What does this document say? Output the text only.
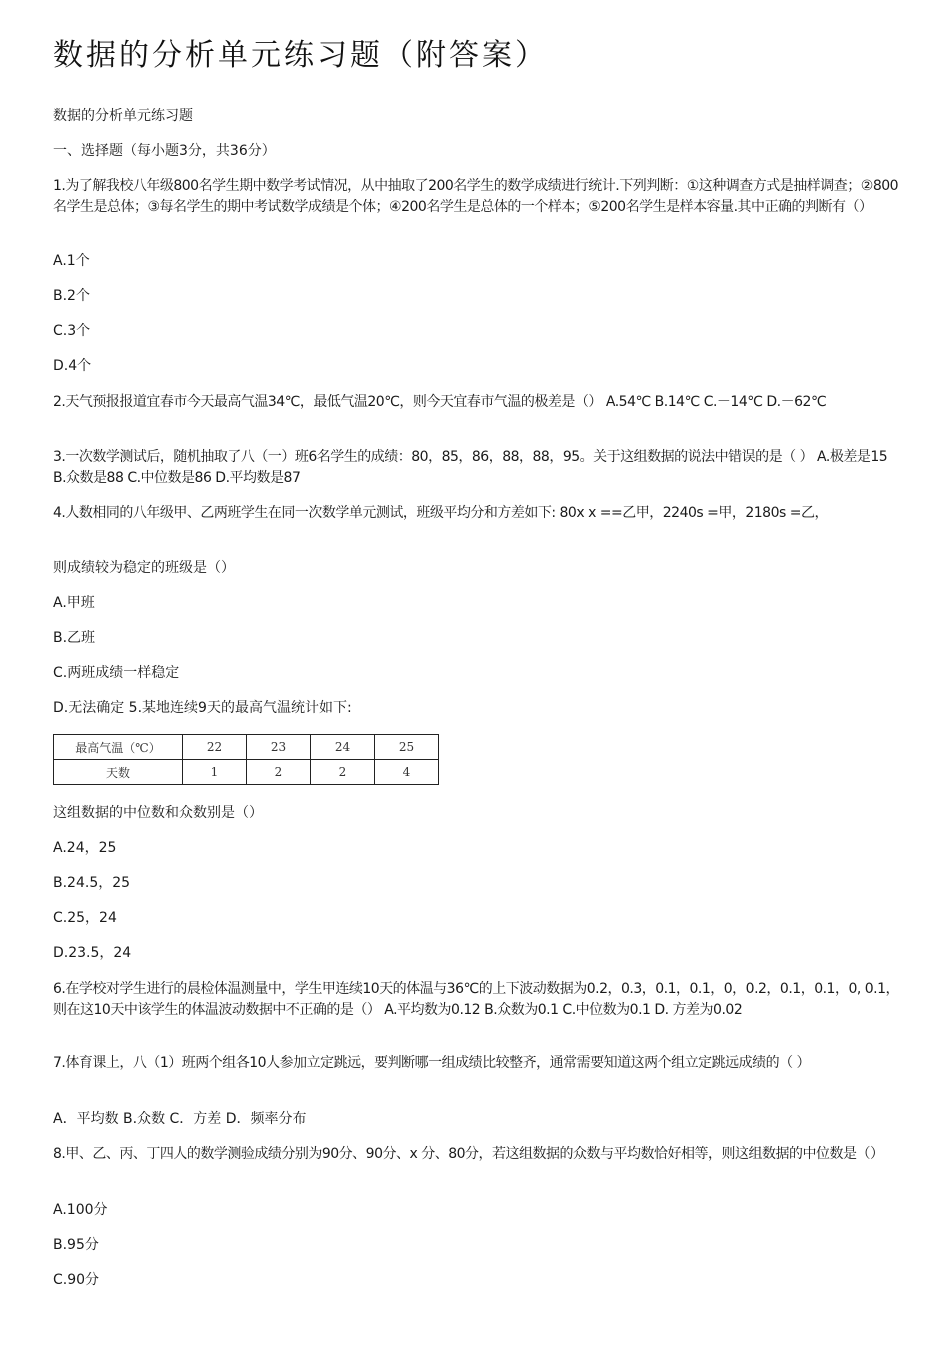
数据的分析单元练习题（附答案）

数据的分析单元练习题

一、选择题（每小题3分，共36分）

1.为了解我校八年级800名学生期中数学考试情况，从中抽取了200名学生的数学成绩进行统计.下列判断：①这种调查方式是抽样调查；②800名学生是总体；③每名学生的期中考试数学成绩是个体；④200名学生是总体的一个样本；⑤200名学生是样本容量.其中正确的判断有（）

A.1个

B.2个

C.3个

D.4个

2.天气预报报道宜春市今天最高气温34℃，最低气温20℃，则今天宜春市气温的极差是（） A.54℃ B.14℃ C.－14℃ D.－62℃

3.一次数学测试后，随机抽取了八（一）班6名学生的成绩：80，85，86，88，88，95。关于这组数据的说法中错误的是（ ） A.极差是15 B.众数是88 C.中位数是86 D.平均数是87

4.人数相同的八年级甲、乙两班学生在同一次数学单元测试，班级平均分和方差如下: 80x x ==乙甲，2240s =甲，2180s =乙，

则成绩较为稳定的班级是（）

A.甲班

B.乙班

C.两班成绩一样稳定

D.无法确定 5.某地连续9天的最高气温统计如下:

最高气温（℃）	22	23	24	25
天数	1	2	2	4

这组数据的中位数和众数别是（）

A.24，25

B.24.5，25

C.25，24

D.23.5，24

6.在学校对学生进行的晨检体温测量中，学生甲连续10天的体温与36℃的上下波动数据为0.2，0.3，0.1，0.1，0，0.2，0.1，0.1，0, 0.1，则在这10天中该学生的体温波动数据中不正确的是（） A.平均数为0.12 B.众数为0.1 C.中位数为0.1 D. 方差为0.02

7.体育课上，八（1）班两个组各10人参加立定跳远，要判断哪一组成绩比较整齐，通常需要知道这两个组立定跳远成绩的（ ）

A．平均数 B.众数 C．方差 D．频率分布

8.甲、乙、丙、丁四人的数学测验成绩分别为90分、90分、x 分、80分，若这组数据的众数与平均数恰好相等，则这组数据的中位数是（）

A.100分

B.95分

C.90分
